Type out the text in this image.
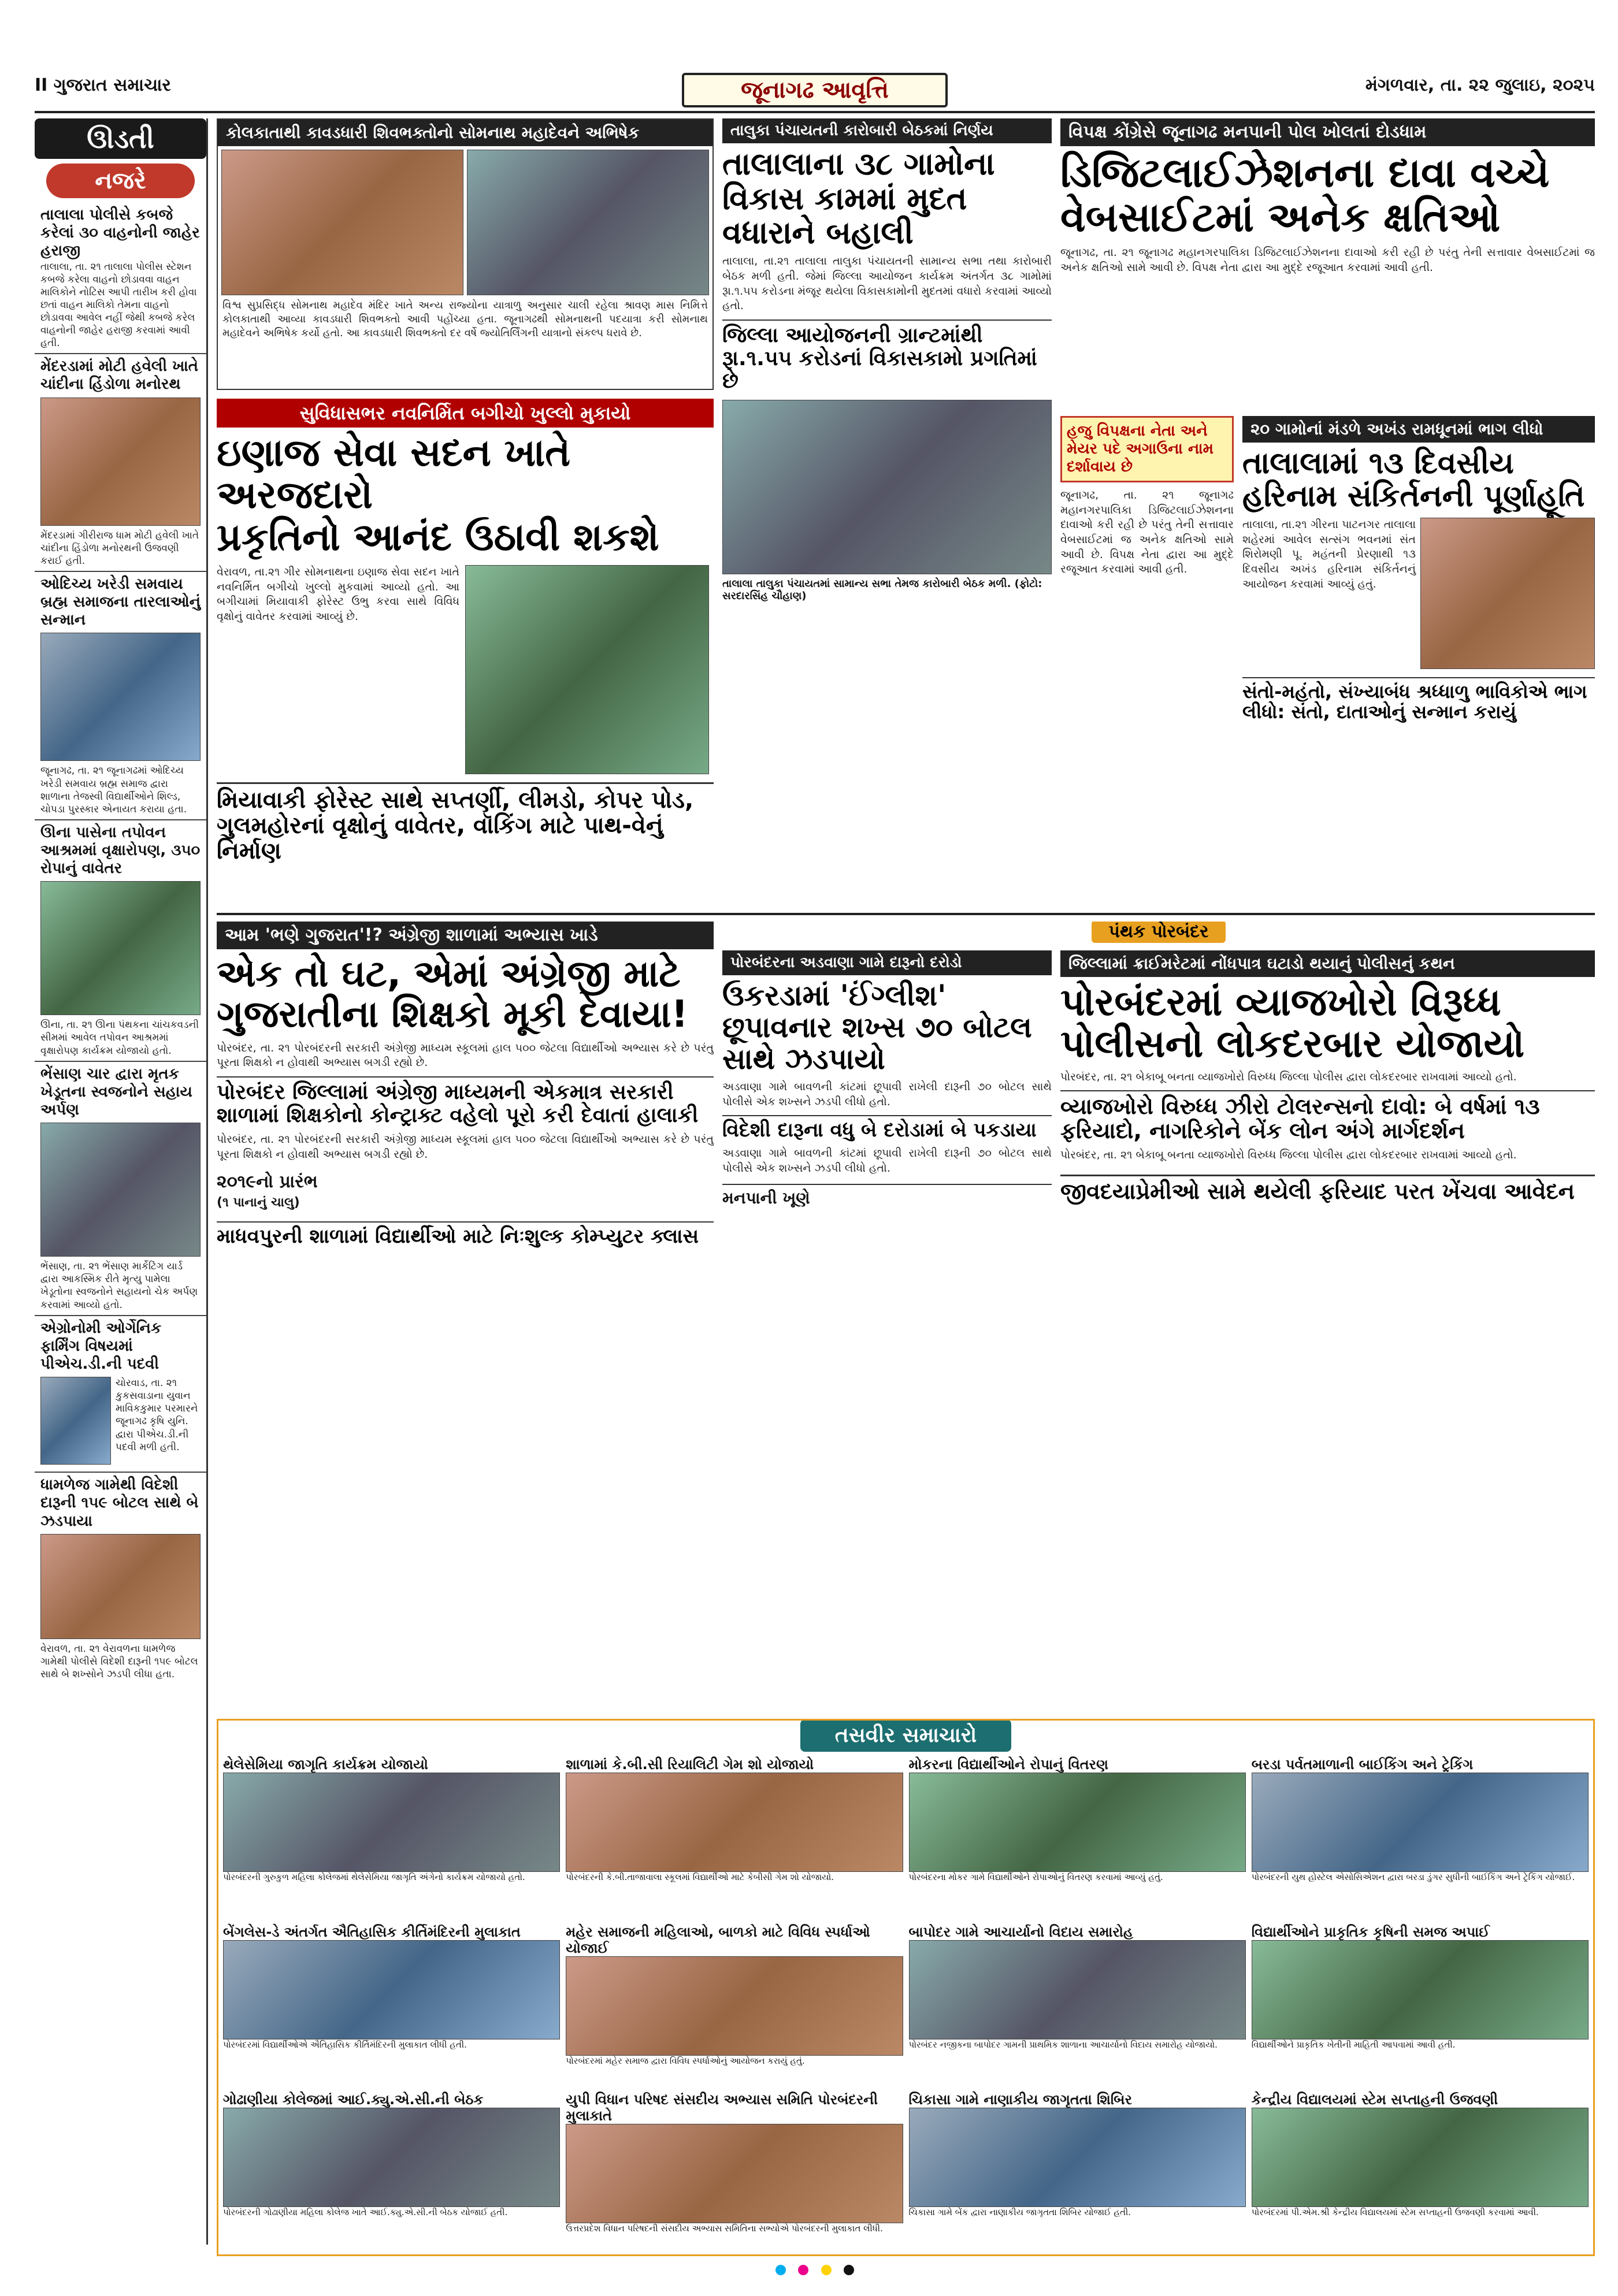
II ગુજરાત સમાચાર	મંગળવાર, તા. ૨૨ જુલાઇ, ૨૦૨૫
જૂનાગઢ આવૃત્તિ
ઊડતી
નજરે
તાલાલા પોલીસે કબજે કરેલાં ૩૦ વાહનોની જાહેર હરાજી
તાલાલા, તા. ૨૧ તાલાલા પોલીસ સ્ટેશન કબજે કરેલા વાહનો છોડાવવા વાહન માલિકોને નોટિસ આપી તારીખ કરી હોવા છતાં વાહન માલિકો તેમના વાહનો છોડાવવા આવેલ નહીં જેથી કબજે કરેલ વાહનોની જાહેર હરાજી કરવામાં આવી હતી.
મેંદરડામાં મોટી હવેલી ખાતે ચાંદીના હિંડોળા મનોરથ
મેંદરડામાં ગીરીરાજ ધામ મોટી હવેલી ખાતે ચાંદીના હિંડોળા મનોરથની ઉજવણી કરાઈ હતી.
ઓદિચ્ય ખરેડી સમવાય બ્રહ્મ સમાજના તારલાઓનું સન્માન
જૂનાગઢ, તા. ૨૧ જૂનાગઢમાં ઓદિચ્ય ખરેડી સમવાય બ્રહ્મ સમાજ દ્વારા શાળાના તેજસ્વી વિદ્યાર્થીઓને શિલ્ડ, ચોપડા પુરસ્કાર એનાયત કરાયા હતા.
ઊના પાસેના તપોવન આશ્રમમાં વૃક્ષારોપણ, ૩૫૦ રોપાનું વાવેતર
ઊના, તા. ૨૧ ઊના પંથકના ચાંચકવડની સીમમાં આવેલ તપોવન આશ્રમમાં વૃક્ષારોપણ કાર્યક્રમ યોજાયો હતો.
ભેંસાણ ચાર દ્વારા મૃતક ખેડૂતના સ્વજનોને સહાય અર્પણ
ભેંસાણ, તા. ૨૧ ભેંસાણ માર્કેટિંગ યાર્ડ દ્વારા આકસ્મિક રીતે મૃત્યુ પામેલા ખેડૂતોના સ્વજનોને સહાયનો ચેક અર્પણ કરવામાં આવ્યો હતો.
એગ્રોનોમી ઓર્ગેનિક ફાર્મિંગ વિષયમાં પીએચ.ડી.ની પદવી
ચોરવાડ, તા. ૨૧ કુકસવાડાના યુવાન માવિકકુમાર પરમારને જૂનાગઢ કૃષિ યુનિ. દ્વારા પીએચ.ડી.ની પદવી મળી હતી.
ધામળેજ ગામેથી વિદેશી દારૂની ૧૫૯ બોટલ સાથે બે ઝડપાયા
વેરાવળ, તા. ૨૧ વેરાવળના ધામળેજ ગામેથી પોલીસે વિદેશી દારૂની ૧૫૯ બોટલ સાથે બે શખ્સોને ઝડપી લીધા હતા.
કોલકાતાથી કાવડધારી શિવભક્તોનો સોમનાથ મહાદેવને અભિષેક
વિશ્વ સુપ્રસિદ્ધ સોમનાથ મહાદેવ મંદિર ખાતે અન્ય રાજ્યોના યાત્રાળુ અનુસાર ચાલી રહેલા શ્રાવણ માસ નિમિત્તે કોલકાતાથી આવ્યા કાવડધારી શિવભક્તો આવી પહોંચ્યા હતા. જૂનાગઢથી સોમનાથની પદયાત્રા કરી સોમનાથ મહાદેવને અભિષેક કર્યો હતો. આ કાવડધારી શિવભક્તો દર વર્ષે જ્યોતિર્લિંગની યાત્રાનો સંકલ્પ ધરાવે છે.
સુવિધાસભર નવનિર્મિત બગીચો ખુલ્લો મુકાયો
ઇણાજ સેવા સદન ખાતે અરજદારો
પ્રકૃતિનો આનંદ ઉઠાવી શકશે
વેરાવળ, તા.૨૧ ગીર સોમનાથના ઇણાજ સેવા સદન ખાતે નવનિર્મિત બગીચો ખુલ્લો મુકવામાં આવ્યો હતો. આ બગીચામાં મિયાવાકી ફોરેસ્ટ ઉભુ કરવા સાથે વિવિધ વૃક્ષોનું વાવેતર કરવામાં આવ્યું છે.
મિયાવાકી ફોરેસ્ટ સાથે સપ્તર્ણી, લીમડો, કોપર પોડ,
ગુલમહોરનાં વૃક્ષોનું વાવેતર, વૉકિંગ માટે પાથ-વેનું નિર્માણ
તાલુકા પંચાયતની કારોબારી બેઠકમાં નિર્ણય
તાલાલાના ૩૮ ગામોના વિકાસ કામમાં મુદત વધારાને બહાલી
તાલાલા, તા.૨૧ તાલાલા તાલુકા પંચાયતની સામાન્ય સભા તથા કારોબારી બેઠક મળી હતી. જેમાં જિલ્લા આયોજન કાર્યક્રમ અંતર્ગત ૩૮ ગામોમાં રૂા.૧.૫૫ કરોડના મંજૂર થયેલા વિકાસકામોની મુદતમાં વધારો કરવામાં આવ્યો હતો.
જિલ્લા આયોજનની ગ્રાન્ટમાંથી રૂા.૧.૫૫ કરોડનાં વિકાસકામો પ્રગતિમાં છે
તાલાલા તાલુકા પંચાયતમાં સામાન્ય સભા તેમજ કારોબારી બેઠક મળી. (ફોટો: સરદારસિંહ ચૌહાણ)
વિપક્ષ કોંગ્રેસે જૂનાગઢ મનપાની પોલ ખોલતાં દોડધામ
ડિજિટલાઈઝેશનના દાવા વચ્ચે વેબસાઈટમાં અનેક ક્ષતિઓ
જૂનાગઢ, તા. ૨૧ જૂનાગઢ મહાનગરપાલિકા ડિજિટલાઈઝેશનના દાવાઓ કરી રહી છે પરંતુ તેની સત્તાવાર વેબસાઈટમાં જ અનેક ક્ષતિઓ સામે આવી છે. વિપક્ષ નેતા દ્વારા આ મુદ્દે રજૂઆત કરવામાં આવી હતી.
હજુ વિપક્ષના નેતા અને મેયર પદે અગાઉના નામ દર્શાવાય છે
જૂનાગઢ, તા. ૨૧ જૂનાગઢ મહાનગરપાલિકા ડિજિટલાઈઝેશનના દાવાઓ કરી રહી છે પરંતુ તેની સત્તાવાર વેબસાઈટમાં જ અનેક ક્ષતિઓ સામે આવી છે. વિપક્ષ નેતા દ્વારા આ મુદ્દે રજૂઆત કરવામાં આવી હતી.
૨૦ ગામોનાં મંડળે અખંડ રામધૂનમાં ભાગ લીધો
તાલાલામાં ૧૩ દિવસીય હરિનામ સંકિર્તનની પૂર્ણાહૂતિ
તાલાલા, તા.૨૧ ગીરના પાટનગર તાલાલા શહેરમાં આવેલ સત્સંગ ભવનમાં સંત શિરોમણી પૂ. મહંતની પ્રેરણાથી ૧૩ દિવસીય અખંડ હરિનામ સંકિર્તનનું આયોજન કરવામાં આવ્યું હતું.
સંતો-મહંતો, સંખ્યાબંધ શ્રધ્ધાળુ ભાવિકોએ ભાગ લીધો: સંતો, દાતાઓનું સન્માન કરાયું
આમ 'ભણે ગુજરાત'!? અંગ્રેજી શાળામાં અભ્યાસ ખાડે
એક તો ઘટ, એમાં અંગ્રેજી માટે
ગુજરાતીના શિક્ષકો મૂકી દેવાયા!
પોરબંદર, તા. ૨૧ પોરબંદરની સરકારી અંગ્રેજી માધ્યમ સ્કૂલમાં હાલ ૫૦૦ જેટલા વિદ્યાર્થીઓ અભ્યાસ કરે છે પરંતુ પૂરતા શિક્ષકો ન હોવાથી અભ્યાસ બગડી રહ્યો છે.
પોરબંદર જિલ્લામાં અંગ્રેજી માધ્યમની એકમાત્ર સરકારી શાળામાં શિક્ષકોનો કોન્ટ્રાક્ટ વહેલો પૂરો કરી દેવાતાં હાલાકી
પોરબંદર, તા. ૨૧ પોરબંદરની સરકારી અંગ્રેજી માધ્યમ સ્કૂલમાં હાલ ૫૦૦ જેટલા વિદ્યાર્થીઓ અભ્યાસ કરે છે પરંતુ પૂરતા શિક્ષકો ન હોવાથી અભ્યાસ બગડી રહ્યો છે.
૨૦૧૯નો પ્રારંભ
(૧ પાનાનું ચાલુ)
માધવપુરની શાળામાં વિદ્યાર્થીઓ માટે નિઃશુલ્ક કોમ્પ્યુટર ક્લાસ
પંથક પોરબંદર
પોરબંદરના અડવાણા ગામે દારૂનો દરોડો
ઉકરડામાં 'ઈંગ્લીશ' છૂપાવનાર શખ્સ ૭૦ બોટલ સાથે ઝડપાયો
અડવાણા ગામે બાવળની કાંટમાં છૂપાવી રાખેલી દારૂની ૭૦ બોટલ સાથે પોલીસે એક શખ્સને ઝડપી લીધો હતો.
વિદેશી દારૂના વધુ બે દરોડામાં બે પકડાયા
અડવાણા ગામે બાવળની કાંટમાં છૂપાવી રાખેલી દારૂની ૭૦ બોટલ સાથે પોલીસે એક શખ્સને ઝડપી લીધો હતો.
મનપાની ખૂણે
જિલ્લામાં ક્રાઈમરેટમાં નોંધપાત્ર ઘટાડો થયાનું પોલીસનું કથન
પોરબંદરમાં વ્યાજખોરો વિરૂધ્ધ પોલીસનો લોકદરબાર યોજાયો
પોરબંદર, તા. ૨૧ બેકાબૂ બનતા વ્યાજખોરો વિરુધ્ધ જિલ્લા પોલીસ દ્વારા લોકદરબાર રાખવામાં આવ્યો હતો.
વ્યાજખોરો વિરુધ્ધ ઝીરો ટોલરન્સનો દાવો: બે વર્ષમાં ૧૩ ફરિયાદો, નાગરિકોને બેંક લોન અંગે માર્ગદર્શન
પોરબંદર, તા. ૨૧ બેકાબૂ બનતા વ્યાજખોરો વિરુધ્ધ જિલ્લા પોલીસ દ્વારા લોકદરબાર રાખવામાં આવ્યો હતો.
જીવદયાપ્રેમીઓ સામે થયેલી ફરિયાદ પરત ખેંચવા આવેદન
તસવીર સમાચારો
થેલેસેમિયા જાગૃતિ કાર્યક્રમ યોજાયો
પોરબંદરની ગુરુકુળ મહિલા કોલેજમાં થેલેસેમિયા જાગૃતિ અંગેનો કાર્યક્રમ યોજાયો હતો.
શાળામાં કે.બી.સી રિયાલિટી ગેમ શો યોજાયો
પોરબંદરની કે.બી.તાજાવાલા સ્કૂલમાં વિદ્યાર્થીઓ માટે કેબીસી ગેમ શો યોજાયો.
મોકરના વિદ્યાર્થીઓને રોપાનું વિતરણ
પોરબંદરના મોકર ગામે વિદ્યાર્થીઓને રોપાઓનું વિતરણ કરવામાં આવ્યું હતું.
બરડા પર્વતમાળાની બાઈકિંગ અને ટ્રેકિંગ
પોરબંદરની યુથ હોસ્ટેલ એસોસિએશન દ્વારા બરડા ડુંગર સુધીની બાઈકિંગ અને ટ્રેકિંગ યોજાઈ.
બેંગલેસ-ડે અંતર્ગત ઐતિહાસિક કીર્તિમંદિરની મુલાકાત
પોરબંદરમાં વિદ્યાર્થીઓએ ઐતિહાસિક કીર્તિમંદિરની મુલાકાત લીધી હતી.
મહેર સમાજની મહિલાઓ, બાળકો માટે વિવિધ સ્પર્ધાઓ યોજાઈ
પોરબંદરમાં મહેર સમાજ દ્વારા વિવિધ સ્પર્ધાઓનું આયોજન કરાયું હતું.
બાપોદર ગામે આચાર્યાનો વિદાય સમારોહ
પોરબંદર નજીકના બાપોદર ગામની પ્રાથમિક શાળાના આચાર્યાનો વિદાય સમારોહ યોજાયો.
વિદ્યાર્થીઓને પ્રાકૃતિક કૃષિની સમજ અપાઈ
વિદ્યાર્થીઓને પ્રાકૃતિક ખેતીની માહિતી આપવામાં આવી હતી.
ગોઢાણીયા કોલેજમાં આઈ.ક્યુ.એ.સી.ની બેઠક
પોરબંદરની ગોઢાણીયા મહિલા કોલેજ ખાતે આઈ.ક્યુ.એ.સી.ની બેઠક યોજાઈ હતી.
યુપી વિધાન પરિષદ સંસદીય અભ્યાસ સમિતિ પોરબંદરની મુલાકાતે
ઉત્તરપ્રદેશ વિધાન પરિષદની સંસદીય અભ્યાસ સમિતિના સભ્યોએ પોરબંદરની મુલાકાત લીધી.
ચિકાસા ગામે નાણાકીય જાગૃતતા શિબિર
ચિકાસા ગામે બેંક દ્વારા નાણાકીય જાગૃતતા શિબિર યોજાઈ હતી.
કેન્દ્રીય વિદ્યાલયમાં સ્ટેમ સપ્તાહની ઉજવણી
પોરબંદરમાં પી.એમ.શ્રી કેન્દ્રીય વિદ્યાલયમાં સ્ટેમ સપ્તાહની ઉજવણી કરવામાં આવી.
